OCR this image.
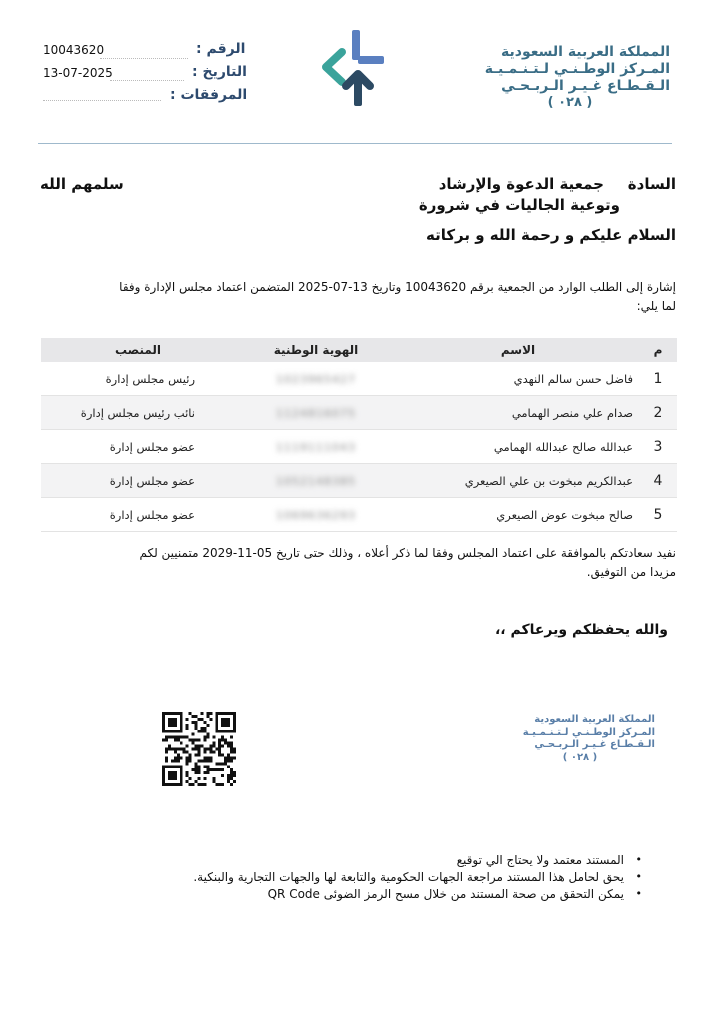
10043620	الرقم :
13-07-2025	التاريخ :
المرفقات :
المملكة العربية السعودية
المـركز الوطـنـي لـتـنـمـيـة
الـقـطـاع غـيـر الـربـحـي
( ٠٢٨ )
السادة
جمعية الدعوة والإرشاد
وتوعية الجاليات في شرورة
سلمهم الله
السلام عليكم و رحمة الله و بركاته
إشارة إلى الطلب الوارد من الجمعية برقم 10043620 وتاريخ 13-07-2025 المتضمن اعتماد مجلس الإدارة وفقا
لما يلي:
م	الاسم	الهوية الوطنية	المنصب
1	فاضل حسن سالم النهدي	1023965427	رئيس مجلس إدارة
2	صدام علي منصر الهمامي	1124816075	نائب رئيس مجلس إدارة
3	عبدالله صالح عبدالله الهمامي	1119111043	عضو مجلس إدارة
4	عبدالكريم مبخوت بن علي الصيعري	1052148385	عضو مجلس إدارة
5	صالح مبخوت عوض الصيعري	1069636293	عضو مجلس إدارة
نفيد سعادتكم بالموافقة على اعتماد المجلس وفقا لما ذكر أعلاه ، وذلك حتى تاريخ 05-11-2029 متمنيين لكم
مزيدا من التوفيق.
والله يحفظكم ويرعاكم ،،
المملكة العربية السعودية
المـركز الوطـنـي لـتـنـمـيـة
الـقـطـاع غـيـر الـربـحـي
( ٠٢٨ )
• المستند معتمد ولا يحتاج الي توقيع
• يحق لحامل هذا المستند مراجعة الجهات الحكومية والتابعة لها والجهات التجارية والبنكية.
• يمكن التحقق من صحة المستند من خلال مسح الرمز الضوئى QR Code
